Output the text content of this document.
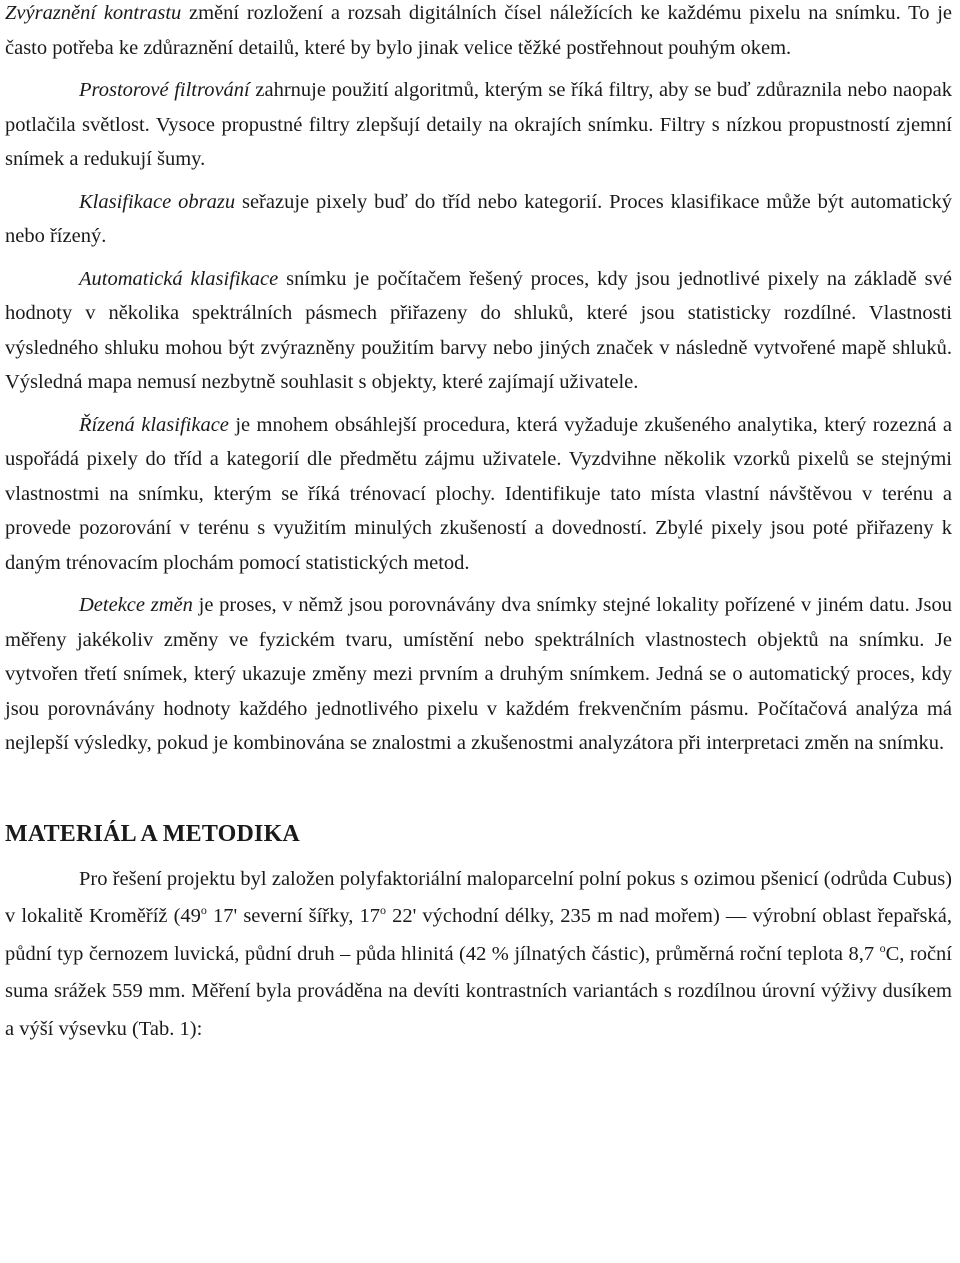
Zvýraznění kontrastu změní rozložení a rozsah digitálních čísel náležících ke každému pixelu na snímku. To je často potřeba ke zdůraznění detailů, které by bylo jinak velice těžké postřehnout pouhým okem.

Prostorové filtrování zahrnuje použití algoritmů, kterým se říká filtry, aby se buď zdůraznila nebo naopak potlačila světlost. Vysoce propustné filtry zlepšují detaily na okrajích snímku. Filtry s nízkou propustností zjemní snímek a redukují šumy.

Klasifikace obrazu seřazuje pixely buď do tříd nebo kategorií. Proces klasifikace může být automatický nebo řízený.

Automatická klasifikace snímku je počítačem řešený proces, kdy jsou jednotlivé pixely na základě své hodnoty v několika spektrálních pásmech přiřazeny do shluků, které jsou statisticky rozdílné. Vlastnosti výsledného shluku mohou být zvýrazněny použitím barvy nebo jiných značek v následně vytvořené mapě shluků. Výsledná mapa nemusí nezbytně souhlasit s objekty, které zajímají uživatele.

Řízená klasifikace je mnohem obsáhlejší procedura, která vyžaduje zkušeného analytika, který rozezná a uspořádá pixely do tříd a kategorií dle předmětu zájmu uživatele. Vyzdvihne několik vzorků pixelů se stejnými vlastnostmi na snímku, kterým se říká trénovací plochy. Identifikuje tato místa vlastní návštěvou v terénu a provede pozorování v terénu s využitím minulých zkušeností a dovedností. Zbylé pixely jsou poté přiřazeny k daným trénovacím plochám pomocí statistických metod.

Detekce změn je proses, v němž jsou porovnávány dva snímky stejné lokality pořízené v jiném datu. Jsou měřeny jakékoliv změny ve fyzickém tvaru, umístění nebo spektrálních vlastnostech objektů na snímku. Je vytvořen třetí snímek, který ukazuje změny mezi prvním a druhým snímkem. Jedná se o automatický proces, kdy jsou porovnávány hodnoty každého jednotlivého pixelu v každém frekvenčním pásmu. Počítačová analýza má nejlepší výsledky, pokud je kombinována se znalostmi a zkušenostmi analyzátora při interpretaci změn na snímku.

MATERIÁL A METODIKA

Pro řešení projektu byl založen polyfaktoriální maloparcelní polní pokus s ozimou pšenicí (odrůda Cubus) v lokalitě Kroměříž (49$^o$ 17' severní šířky, 17$^o$ 22' východní délky, 235 m nad mořem) — výrobní oblast řepařská, půdní typ černozem luvická, půdní druh – půda hlinitá (42 % jílnatých částic), průměrná roční teplota 8,7 $^o$C, roční suma srážek 559 mm. Měření byla prováděna na devíti kontrastních variantách s rozdílnou úrovní výživy dusíkem a výší výsevku (Tab. 1):
